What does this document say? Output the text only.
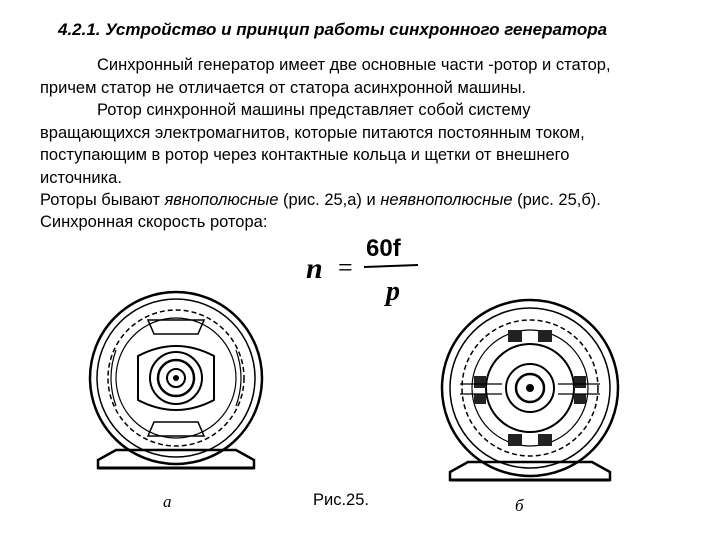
4.2.1. Устройство и принцип работы синхронного генератора
Синхронный генератор имеет две основные части -ротор и статор,
причем статор не отличается от статора асинхронной машины.
Ротор синхронной машины представляет собой систему
вращающихся электромагнитов, которые питаются постоянным током,
поступающим в ротор через контактные кольца и щетки от внешнего
источника.
Роторы бывают явнополюсные (рис. 25,а) и неявнополюсные (рис. 25,б).
Синхронная скорость ротора:
n =
60f
p
а	Рис.25.	б
